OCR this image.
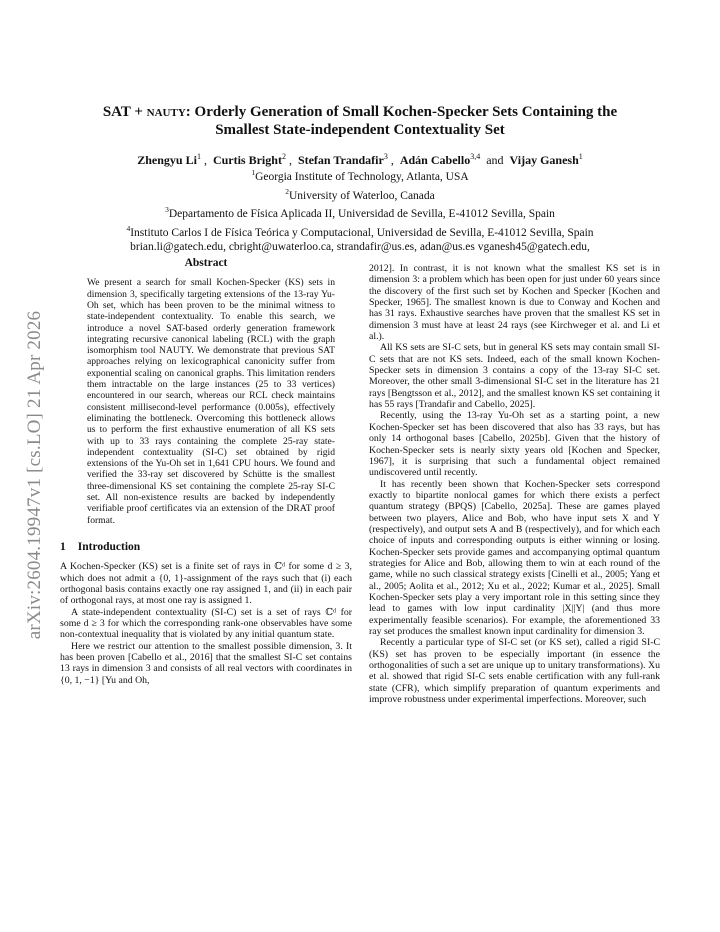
arXiv:2604.19947v1 [cs.LO] 21 Apr 2026
SAT + nauty: Orderly Generation of Small Kochen-Specker Sets Containing the
Smallest State-independent Contextuality Set
Zhengyu Li$^1$ ,  Curtis Bright$^2$ ,  Stefan Trandafir$^3$ ,  Adán Cabello$^{3,4}$ and Vijay Ganesh$^1$
$^1$Georgia Institute of Technology, Atlanta, USA
$^2$University of Waterloo, Canada
$^3$Departamento de Física Aplicada II, Universidad de Sevilla, E-41012 Sevilla, Spain
$^4$Instituto Carlos I de Física Teórica y Computacional, Universidad de Sevilla, E-41012 Sevilla, Spain
brian.li@gatech.edu, cbright@uwaterloo.ca, strandafir@us.es, adan@us.es vganesh45@gatech.edu,
Abstract
We present a search for small Kochen-Specker (KS) sets in dimension 3, specifically targeting extensions of the 13-ray Yu-Oh set, which has been proven to be the minimal witness to state-independent contextuality. To enable this search, we introduce a novel SAT-based orderly generation framework integrating recursive canonical labeling (RCL) with the graph isomorphism tool NAUTY. We demonstrate that previous SAT approaches relying on lexicographical canonicity suffer from exponential scaling on canonical graphs. This limitation renders them intractable on the large instances (25 to 33 vertices) encountered in our search, whereas our RCL check maintains consistent millisecond-level performance (0.005s), effectively eliminating the bottleneck. Overcoming this bottleneck allows us to perform the first exhaustive enumeration of all KS sets with up to 33 rays containing the complete 25-ray state-independent contextuality (SI-C) set obtained by rigid extensions of the Yu-Oh set in 1,641 CPU hours. We found and verified the 33-ray set discovered by Schütte is the smallest three-dimensional KS set containing the complete 25-ray SI-C set. All non-existence results are backed by independently verifiable proof certificates via an extension of the DRAT proof format.
1 Introduction

A Kochen-Specker (KS) set is a finite set of rays in ℂᵈ for some d ≥ 3, which does not admit a {0, 1}-assignment of the rays such that (i) each orthogonal basis contains exactly one ray assigned 1, and (ii) in each pair of orthogonal rays, at most one ray is assigned 1.

A state-independent contextuality (SI-C) set is a set of rays ℂᵈ for some d ≥ 3 for which the corresponding rank-one observables have some non-contextual inequality that is violated by any initial quantum state.

Here we restrict our attention to the smallest possible dimension, 3. It has been proven [Cabello et al., 2016] that the smallest SI-C set contains 13 rays in dimension 3 and consists of all real vectors with coordinates in {0, 1, −1} [Yu and Oh,

2012]. In contrast, it is not known what the smallest KS set is in dimension 3: a problem which has been open for just under 60 years since the discovery of the first such set by Kochen and Specker [Kochen and Specker, 1965]. The smallest known is due to Conway and Kochen and has 31 rays. Exhaustive searches have proven that the smallest KS set in dimension 3 must have at least 24 rays (see Kirchweger et al. and Li et al.).

All KS sets are SI-C sets, but in general KS sets may contain small SI-C sets that are not KS sets. Indeed, each of the small known Kochen-Specker sets in dimension 3 contains a copy of the 13-ray SI-C set. Moreover, the other small 3-dimensional SI-C set in the literature has 21 rays [Bengtsson et al., 2012], and the smallest known KS set containing it has 55 rays [Trandafir and Cabello, 2025].

Recently, using the 13-ray Yu-Oh set as a starting point, a new Kochen-Specker set has been discovered that also has 33 rays, but has only 14 orthogonal bases [Cabello, 2025b]. Given that the history of Kochen-Specker sets is nearly sixty years old [Kochen and Specker, 1967], it is surprising that such a fundamental object remained undiscovered until recently.

It has recently been shown that Kochen-Specker sets correspond exactly to bipartite nonlocal games for which there exists a perfect quantum strategy (BPQS) [Cabello, 2025a]. These are games played between two players, Alice and Bob, who have input sets X and Y (respectively), and output sets A and B (respectively), and for which each choice of inputs and corresponding outputs is either winning or losing. Kochen-Specker sets provide games and accompanying optimal quantum strategies for Alice and Bob, allowing them to win at each round of the game, while no such classical strategy exists [Cinelli et al., 2005; Yang et al., 2005; Aolita et al., 2012; Xu et al., 2022; Kumar et al., 2025]. Small Kochen-Specker sets play a very important role in this setting since they lead to games with low input cardinality |X||Y| (and thus more experimentally feasible scenarios). For example, the aforementioned 33 ray set produces the smallest known input cardinality for dimension 3.

Recently a particular type of SI-C set (or KS set), called a rigid SI-C (KS) set has proven to be especially important (in essence the orthogonalities of such a set are unique up to unitary transformations). Xu et al. showed that rigid SI-C sets enable certification with any full-rank state (CFR), which simplify preparation of quantum experiments and improve robustness under experimental imperfections. Moreover, such
